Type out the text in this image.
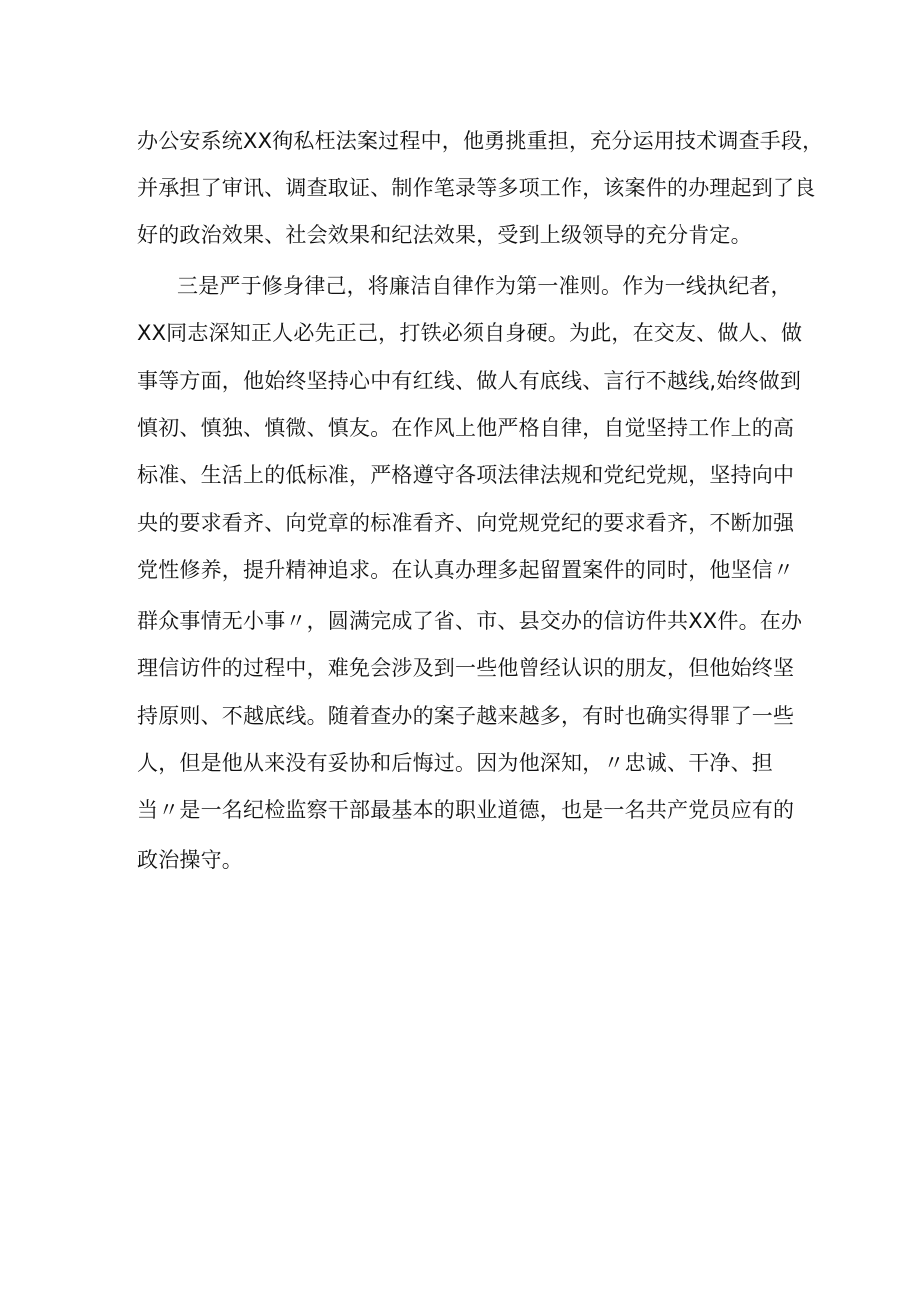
办公安系统XX徇私枉法案过程中，他勇挑重担，充分运用技术调查手段，
并承担了审讯、调查取证、制作笔录等多项工作，该案件的办理起到了良
好的政治效果、社会效果和纪法效果，受到上级领导的充分肯定。
三是严于修身律己，将廉洁自律作为第一准则。作为一线执纪者，
XX同志深知正人必先正己，打铁必须自身硬。为此，在交友、做人、做
事等方面，他始终坚持心中有红线、做人有底线、言行不越线,始终做到
慎初、慎独、慎微、慎友。在作风上他严格自律，自觉坚持工作上的高
标准、生活上的低标准，严格遵守各项法律法规和党纪党规，坚持向中
央的要求看齐、向党章的标准看齐、向党规党纪的要求看齐，不断加强
党性修养，提升精神追求。在认真办理多起留置案件的同时，他坚信〃
群众事情无小事〃，圆满完成了省、市、县交办的信访件共XX件。在办
理信访件的过程中，难免会涉及到一些他曾经认识的朋友，但他始终坚
持原则、不越底线。随着查办的案子越来越多，有时也确实得罪了一些
人，但是他从来没有妥协和后悔过。因为他深知，〃忠诚、干净、担
当〃是一名纪检监察干部最基本的职业道德，也是一名共产党员应有的
政治操守。
